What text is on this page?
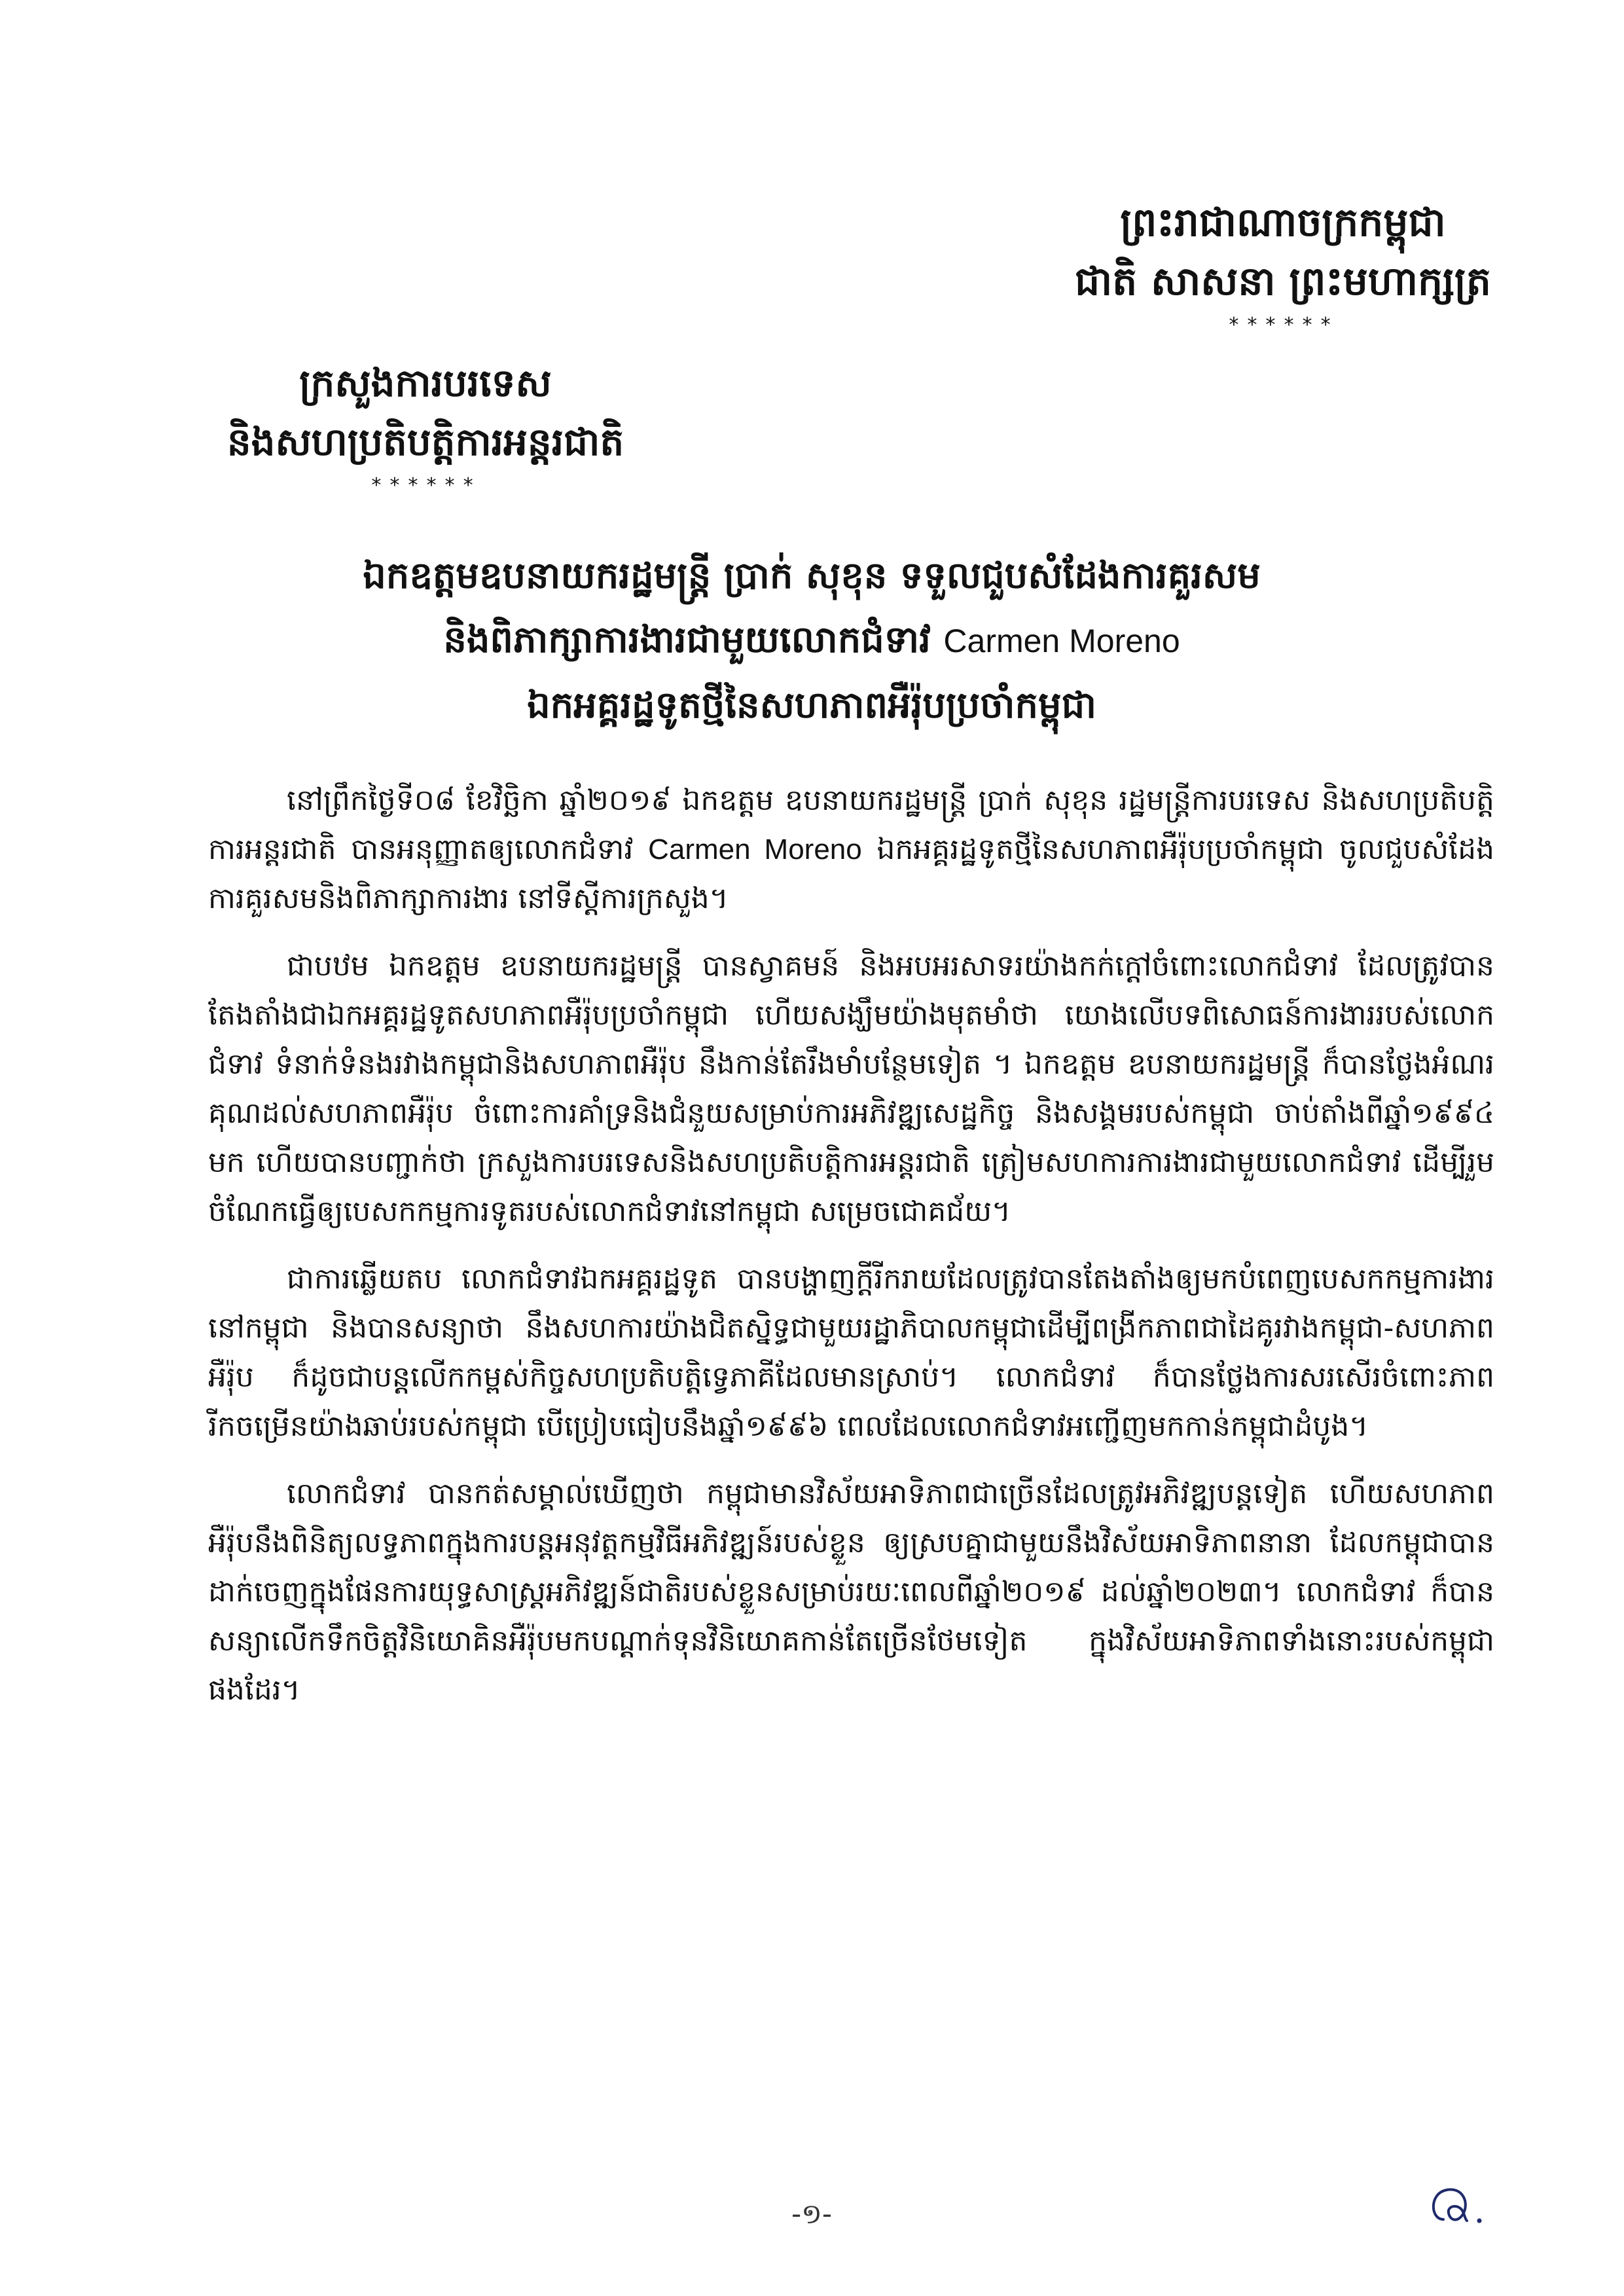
ព្រះរាជាណាចក្រកម្ពុជា
ជាតិ សាសនា ព្រះមហាក្សត្រ
******
ក្រសួងការបរទេស
និងសហប្រតិបត្តិការអន្តរជាតិ
******
ឯកឧត្តមឧបនាយករដ្ឋមន្ត្រី ប្រាក់ សុខុន ទទួលជួបសំដែងការគួរសម
និងពិភាក្សាការងារជាមួយលោកជំទាវ Carmen Moreno
ឯកអគ្គរដ្ឋទូតថ្មីនៃសហភាពអឺរ៉ុបប្រចាំកម្ពុជា

នៅព្រឹកថ្ងៃទី០៨ ខែវិច្ឆិកា ឆ្នាំ២០១៩ ឯកឧត្តម ឧបនាយករដ្ឋមន្ត្រី ប្រាក់ សុខុន រដ្ឋមន្ត្រីការបរទេស និងសហប្រតិបត្តិការអន្តរជាតិ បានអនុញ្ញាតឲ្យលោកជំទាវ Carmen Moreno ឯកអគ្គរដ្ឋទូតថ្មីនៃសហភាពអឺរ៉ុបប្រចាំកម្ពុជា ចូលជួបសំដែងការគួរសមនិងពិភាក្សាការងារ នៅទីស្តីការក្រសួង។

ជាបឋម ឯកឧត្តម ឧបនាយករដ្ឋមន្ត្រី បានស្វាគមន៍ និងអបអរសាទរយ៉ាងកក់ក្តៅចំពោះលោកជំទាវ ដែលត្រូវបានតែងតាំងជាឯកអគ្គរដ្ឋទូតសហភាពអឺរ៉ុបប្រចាំកម្ពុជា ហើយសង្ឃឹមយ៉ាងមុតមាំថា យោងលើបទពិសោធន៍ការងាររបស់លោកជំទាវ ទំនាក់ទំនងរវាងកម្ពុជានិងសហភាពអឺរ៉ុប នឹងកាន់តែរឹងមាំបន្ថែមទៀត ។ ឯកឧត្តម ឧបនាយករដ្ឋមន្ត្រី ក៏បានថ្លែងអំណរគុណដល់សហភាពអឺរ៉ុប ចំពោះការគាំទ្រនិងជំនួយសម្រាប់ការអភិវឌ្ឍសេដ្ឋកិច្ច និងសង្គមរបស់កម្ពុជា ចាប់តាំងពីឆ្នាំ១៩៩៤ មក ហើយបានបញ្ជាក់ថា ក្រសួងការបរទេសនិងសហប្រតិបត្តិការអន្តរជាតិ ត្រៀមសហការការងារជាមួយលោកជំទាវ ដើម្បីរួមចំណែកធ្វើឲ្យបេសកកម្មការទូតរបស់លោកជំទាវនៅកម្ពុជា សម្រេចជោគជ័យ។

ជាការឆ្លើយតប លោកជំទាវឯកអគ្គរដ្ឋទូត បានបង្ហាញក្តីរីករាយដែលត្រូវបានតែងតាំងឲ្យមកបំពេញបេសកកម្មការងារនៅកម្ពុជា និងបានសន្យាថា នឹងសហការយ៉ាងជិតស្និទ្ធជាមួយរដ្ឋាភិបាលកម្ពុជាដើម្បីពង្រីកភាពជាដៃគូរវាងកម្ពុជា-សហភាពអឺរ៉ុប ក៏ដូចជាបន្តលើកកម្ពស់កិច្ចសហប្រតិបត្តិទ្វេភាគីដែលមានស្រាប់។ លោកជំទាវ ក៏បានថ្លែងការសរសើរចំពោះភាពរីកចម្រើនយ៉ាងឆាប់របស់កម្ពុជា បើប្រៀបធៀបនឹងឆ្នាំ១៩៩៦ ពេលដែលលោកជំទាវអញ្ជើញមកកាន់កម្ពុជាដំបូង។

លោកជំទាវ បានកត់សម្គាល់ឃើញថា កម្ពុជាមានវិស័យអាទិភាពជាច្រើនដែលត្រូវអភិវឌ្ឍបន្តទៀត ហើយសហភាពអឺរ៉ុបនឹងពិនិត្យលទ្ធភាពក្នុងការបន្តអនុវត្តកម្មវិធីអភិវឌ្ឍន៍របស់ខ្លួន ឲ្យស្របគ្នាជាមួយនឹងវិស័យអាទិភាពនានា ដែលកម្ពុជាបានដាក់ចេញក្នុងផែនការយុទ្ធសាស្ត្រអភិវឌ្ឍន៍ជាតិរបស់ខ្លួនសម្រាប់រយៈពេលពីឆ្នាំ២០១៩ ដល់ឆ្នាំ២០២៣។ លោកជំទាវ ក៏បានសន្យាលើកទឹកចិត្តវិនិយោគិនអឺរ៉ុបមកបណ្តាក់ទុនវិនិយោគកាន់តែច្រើនថែមទៀត ក្នុងវិស័យអាទិភាពទាំងនោះរបស់កម្ពុជា ផងដែរ។

-១-
